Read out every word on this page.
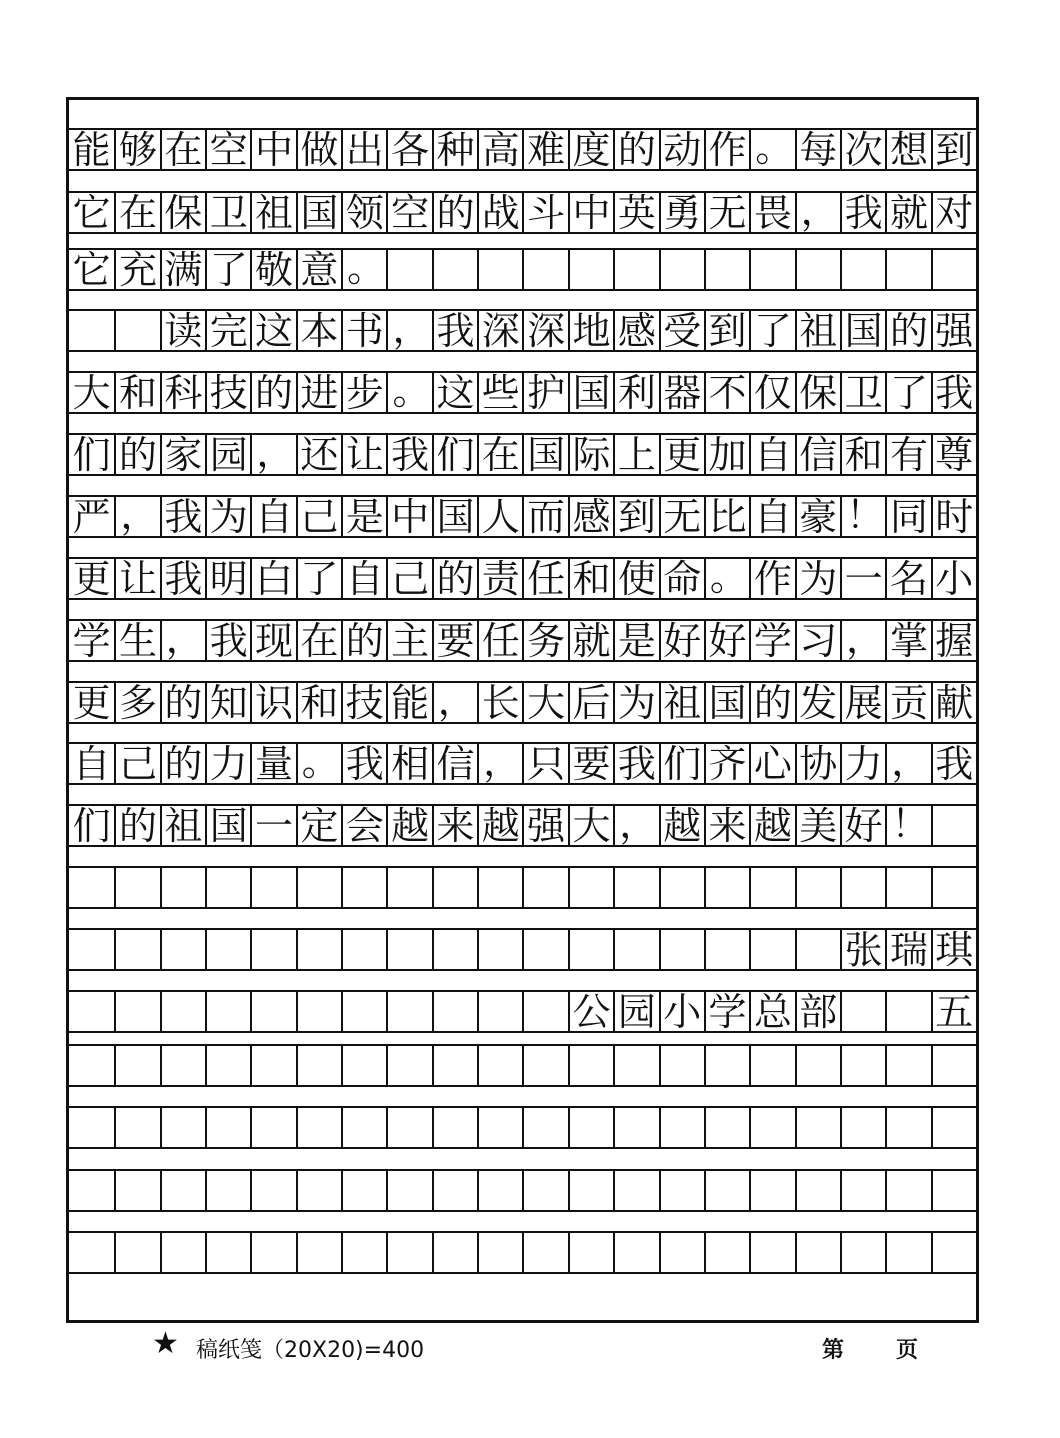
能 够 在 空 中 做 出 各 种 高 难 度 的 动 作 。 每 次 想 到
它 在 保 卫 祖 国 领 空 的 战 斗 中 英 勇 无 畏 ， 我 就 对
它 充 满 了 敬 意 。
读 完 这 本 书 ， 我 深 深 地 感 受 到 了 祖 国 的 强
大 和 科 技 的 进 步 。 这 些 护 国 利 器 不 仅 保 卫 了 我
们 的 家 园 ， 还 让 我 们 在 国 际 上 更 加 自 信 和 有 尊
严 ， 我 为 自 己 是 中 国 人 而 感 到 无 比 自 豪 ！ 同 时
更 让 我 明 白 了 自 己 的 责 任 和 使 命 。 作 为 一 名 小
学 生 ， 我 现 在 的 主 要 任 务 就 是 好 好 学 习 ， 掌 握
更 多 的 知 识 和 技 能 ， 长 大 后 为 祖 国 的 发 展 贡 献
自 己 的 力 量 。 我 相 信 ， 只 要 我 们 齐 心 协 力 ， 我
们 的 祖 国 一 定 会 越 来 越 强 大 ， 越 来 越 美 好 ！
张 瑞 琪
公 园 小 学 总 部	五
★ 稿纸笺（20X20)=400	第 页
